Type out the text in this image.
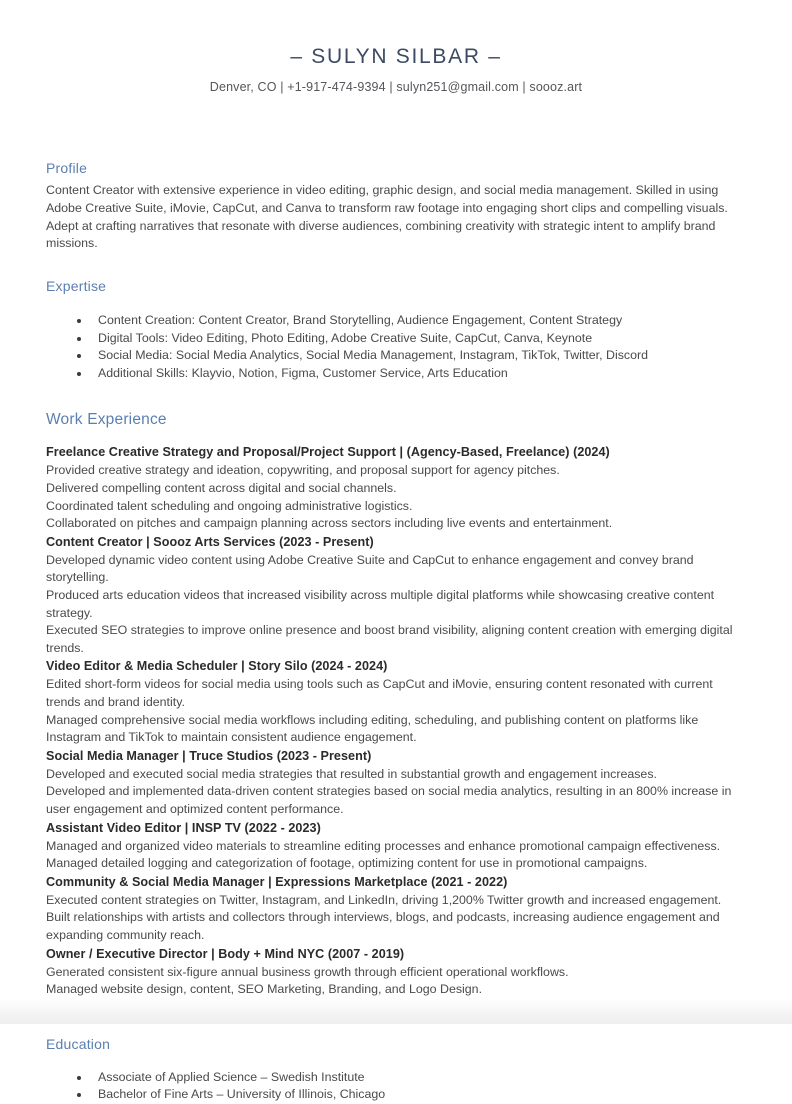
– SULYN SILBAR –
Denver, CO | +1-917-474-9394 | sulyn251@gmail.com | soooz.art
Profile
Content Creator with extensive experience in video editing, graphic design, and social media management. Skilled in using Adobe Creative Suite, iMovie, CapCut, and Canva to transform raw footage into engaging short clips and compelling visuals. Adept at crafting narratives that resonate with diverse audiences, combining creativity with strategic intent to amplify brand missions.
Expertise
Content Creation: Content Creator, Brand Storytelling, Audience Engagement, Content Strategy
Digital Tools: Video Editing, Photo Editing, Adobe Creative Suite, CapCut, Canva, Keynote
Social Media: Social Media Analytics, Social Media Management, Instagram, TikTok, Twitter, Discord
Additional Skills: Klayvio, Notion, Figma, Customer Service, Arts Education
Work Experience
Freelance Creative Strategy and Proposal/Project Support | (Agency-Based, Freelance) (2024)
Provided creative strategy and ideation, copywriting, and proposal support for agency pitches.
Delivered compelling content across digital and social channels.
Coordinated talent scheduling and ongoing administrative logistics.
Collaborated on pitches and campaign planning across sectors including live events and entertainment.
Content Creator | Soooz Arts Services (2023 - Present)
Developed dynamic video content using Adobe Creative Suite and CapCut to enhance engagement and convey brand storytelling.
Produced arts education videos that increased visibility across multiple digital platforms while showcasing creative content strategy.
Executed SEO strategies to improve online presence and boost brand visibility, aligning content creation with emerging digital trends.
Video Editor & Media Scheduler | Story Silo (2024 - 2024)
Edited short-form videos for social media using tools such as CapCut and iMovie, ensuring content resonated with current trends and brand identity.
Managed comprehensive social media workflows including editing, scheduling, and publishing content on platforms like Instagram and TikTok to maintain consistent audience engagement.
Social Media Manager | Truce Studios (2023 - Present)
Developed and executed social media strategies that resulted in substantial growth and engagement increases.
Developed and implemented data-driven content strategies based on social media analytics, resulting in an 800% increase in user engagement and optimized content performance.
Assistant Video Editor | INSP TV (2022 - 2023)
Managed and organized video materials to streamline editing processes and enhance promotional campaign effectiveness.
Managed detailed logging and categorization of footage, optimizing content for use in promotional campaigns.
Community & Social Media Manager | Expressions Marketplace (2021 - 2022)
Executed content strategies on Twitter, Instagram, and LinkedIn, driving 1,200% Twitter growth and increased engagement.
Built relationships with artists and collectors through interviews, blogs, and podcasts, increasing audience engagement and expanding community reach.
Owner / Executive Director | Body + Mind NYC (2007 - 2019)
Generated consistent six-figure annual business growth through efficient operational workflows.
Managed website design, content, SEO Marketing, Branding, and Logo Design.
Education
Associate of Applied Science – Swedish Institute
Bachelor of Fine Arts – University of Illinois, Chicago
